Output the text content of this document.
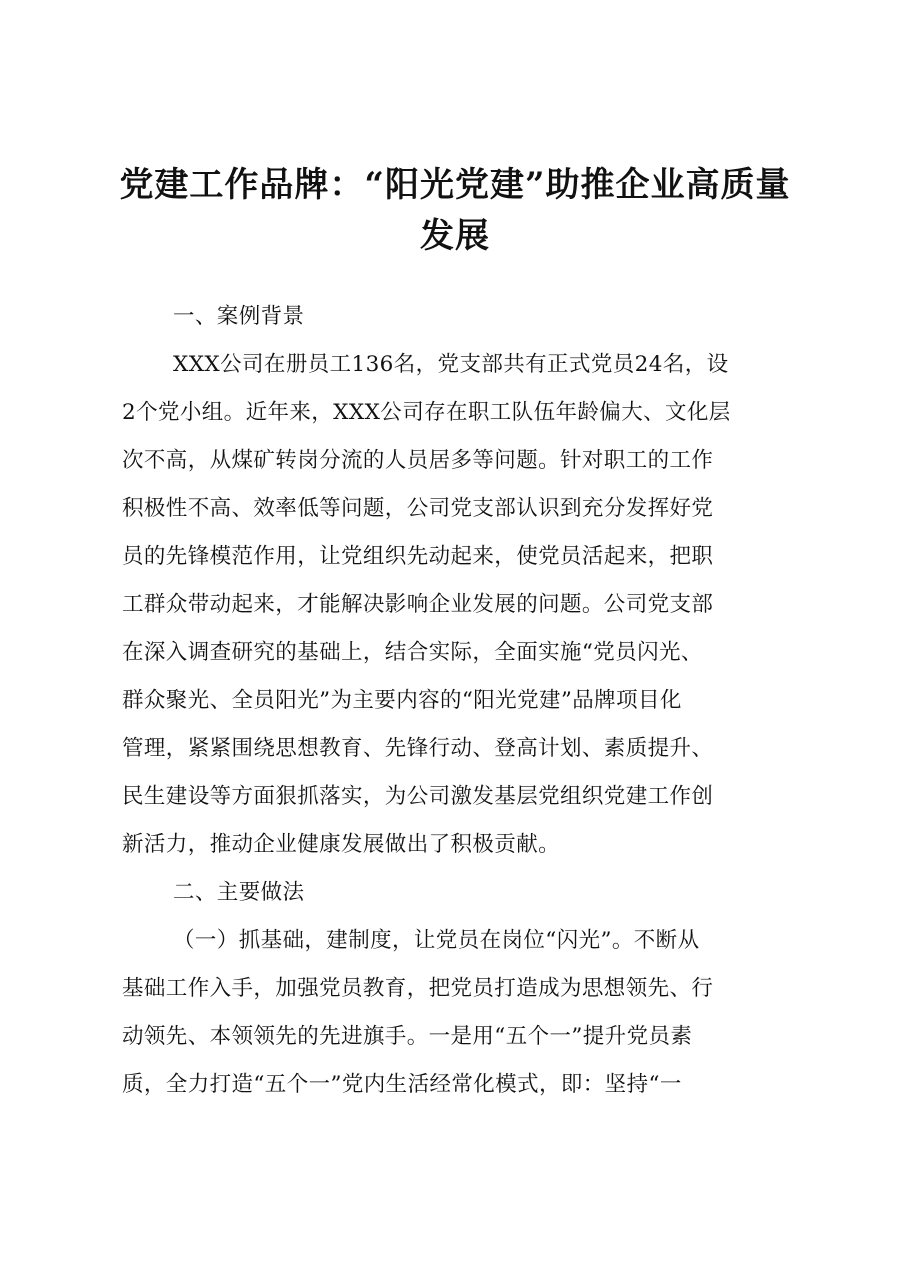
党建工作品牌：“阳光党建”助推企业高质量
发展

一、案例背景

XXX公司在册员工136名，党支部共有正式党员24名，设

2个党小组。近年来，XXX公司存在职工队伍年龄偏大、文化层

次不高，从煤矿转岗分流的人员居多等问题。针对职工的工作

积极性不高、效率低等问题，公司党支部认识到充分发挥好党

员的先锋模范作用，让党组织先动起来，使党员活起来，把职

工群众带动起来，才能解决影响企业发展的问题。公司党支部

在深入调查研究的基础上，结合实际，全面实施“党员闪光、

群众聚光、全员阳光”为主要内容的“阳光党建”品牌项目化

管理，紧紧围绕思想教育、先锋行动、登高计划、素质提升、

民生建设等方面狠抓落实，为公司激发基层党组织党建工作创

新活力，推动企业健康发展做出了积极贡献。

二、主要做法

（一）抓基础，建制度，让党员在岗位“闪光”。不断从

基础工作入手，加强党员教育，把党员打造成为思想领先、行

动领先、本领领先的先进旗手。一是用“五个一”提升党员素

质，全力打造“五个一”党内生活经常化模式，即：坚持“一
